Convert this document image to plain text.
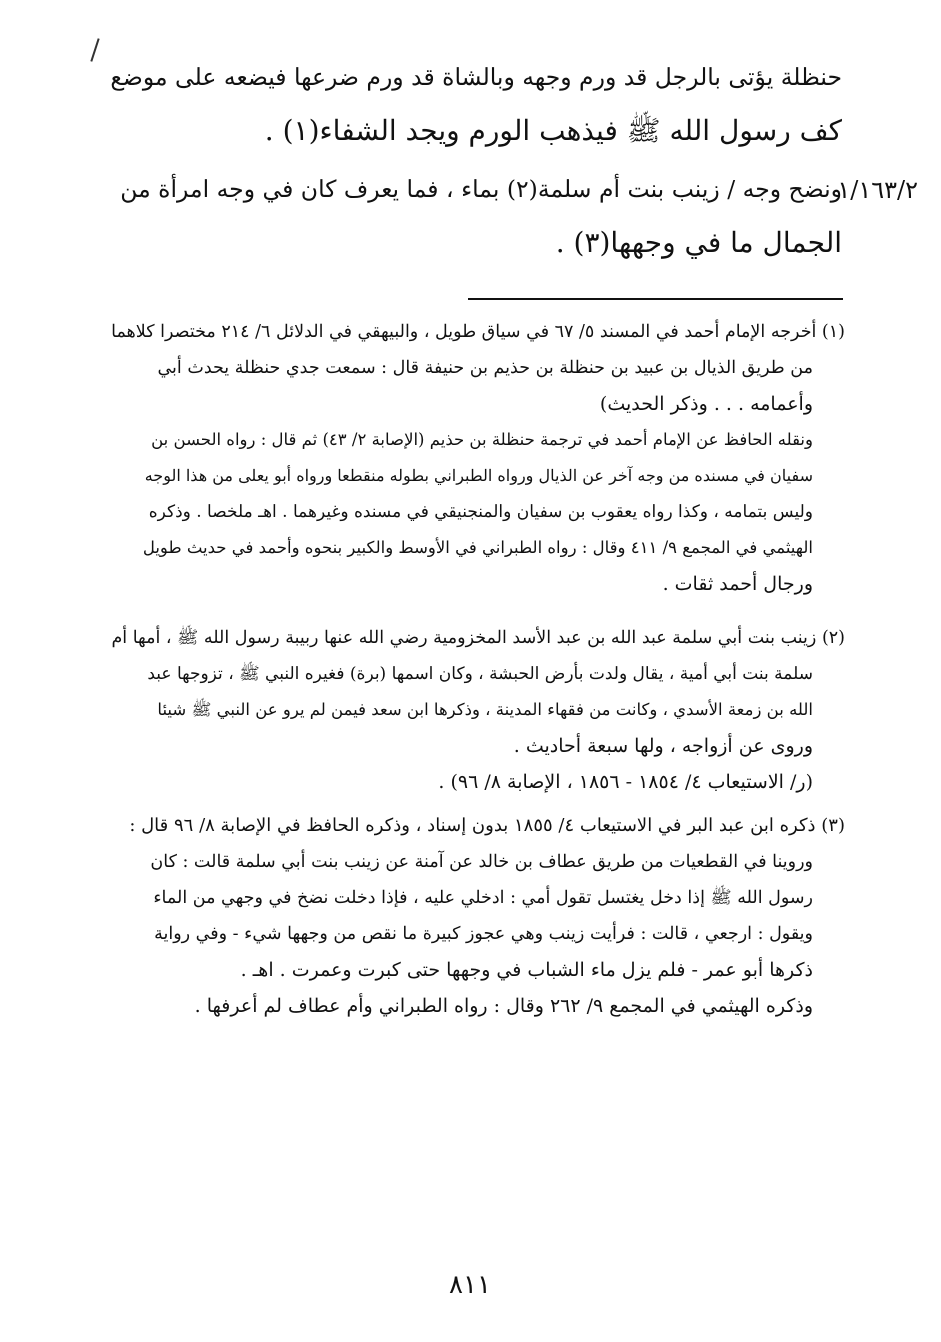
حنظلة يؤتى بالرجل قد ورم وجهه وبالشاة قد ورم ضرعها فيضعه على موضع
كف رسول الله ﷺ فيذهب الورم ويجد الشفاء(١) .
١/١٦٣/٢
ونضح وجه / زينب بنت أم سلمة(٢) بماء ، فما يعرف كان في وجه امرأة من
الجمال ما في وجهها(٣) .
(١) أخرجه الإمام أحمد في المسند ٥/ ٦٧ في سياق طويل ، والبيهقي في الدلائل ٦/ ٢١٤ مختصرا كلاهما
من طريق الذيال بن عبيد بن حنظلة بن حذيم بن حنيفة قال : سمعت جدي حنظلة يحدث أبي
وأعمامه . . . وذكر الحديث)
ونقله الحافظ عن الإمام أحمد في ترجمة حنظلة بن حذيم (الإصابة ٢/ ٤٣) ثم قال : رواه الحسن بن
سفيان في مسنده من وجه آخر عن الذيال ورواه الطبراني بطوله منقطعا ورواه أبو يعلى من هذا الوجه
وليس بتمامه ، وكذا رواه يعقوب بن سفيان والمنجنيقي في مسنده وغيرهما . اهـ ملخصا . وذكره
الهيثمي في المجمع ٩/ ٤١١ وقال : رواه الطبراني في الأوسط والكبير بنحوه وأحمد في حديث طويل
ورجال أحمد ثقات .
(٢) زينب بنت أبي سلمة عبد الله بن عبد الأسد المخزومية رضي الله عنها ربيبة رسول الله ﷺ ، أمها أم
سلمة بنت أبي أمية ، يقال ولدت بأرض الحبشة ، وكان اسمها (برة) فغيره النبي ﷺ ، تزوجها عبد
الله بن زمعة الأسدي ، وكانت من فقهاء المدينة ، وذكرها ابن سعد فيمن لم يرو عن النبي ﷺ شيئا
وروى عن أزواجه ، ولها سبعة أحاديث .
(ر/ الاستيعاب ٤/ ١٨٥٤ - ١٨٥٦ ، الإصابة ٨/ ٩٦) .
(٣) ذكره ابن عبد البر في الاستيعاب ٤/ ١٨٥٥ بدون إسناد ، وذكره الحافظ في الإصابة ٨/ ٩٦ قال :
وروينا في القطعيات من طريق عطاف بن خالد عن آمنة عن زينب بنت أبي سلمة قالت : كان
رسول الله ﷺ إذا دخل يغتسل تقول أمي : ادخلي عليه ، فإذا دخلت نضخ في وجهي من الماء
ويقول : ارجعي ، قالت : فرأيت زينب وهي عجوز كبيرة ما نقص من وجهها شيء - وفي رواية
ذكرها أبو عمر - فلم يزل ماء الشباب في وجهها حتى كبرت وعمرت . اهـ .
وذكره الهيثمي في المجمع ٩/ ٢٦٢ وقال : رواه الطبراني وأم عطاف لم أعرفها .
٨١١
